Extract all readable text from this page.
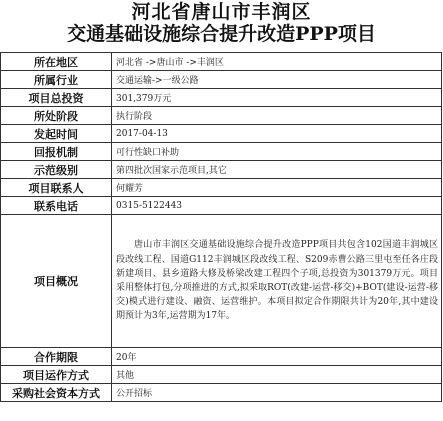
河北省唐山市丰润区
交通基础设施综合提升改造PPP项目
所在地区	河北省 ->唐山市 ->丰润区
所属行业	交通运输->一级公路
项目总投资	301,379万元
所处阶段	执行阶段
发起时间	2017-04-13
回报机制	可行性缺口补助
示范级别	第四批次国家示范项目,其它
项目联系人	何耀芳
联系电话	0315-5122443
项目概况	唐山市丰润区交通基础设施综合提升改造PPP项目共包含102国道丰润城区段改线工程、国道G112丰润城区段改线工程、S209赤曹公路三里屯至任各庄段新建项目、县乡道路大修及桥梁改建工程四个子项,总投资为301379万元。项目采用整体打包,分项推进的方式,拟采取ROT(改建-运营-移交)+BOT(建设-运营-移交)模式进行建设、融资、运营维护。本项目拟定合作期限共计为20年,其中建设期预计为3年,运营期为17年。
合作期限	20年
项目运作方式	其他
采购社会资本方式	公开招标
